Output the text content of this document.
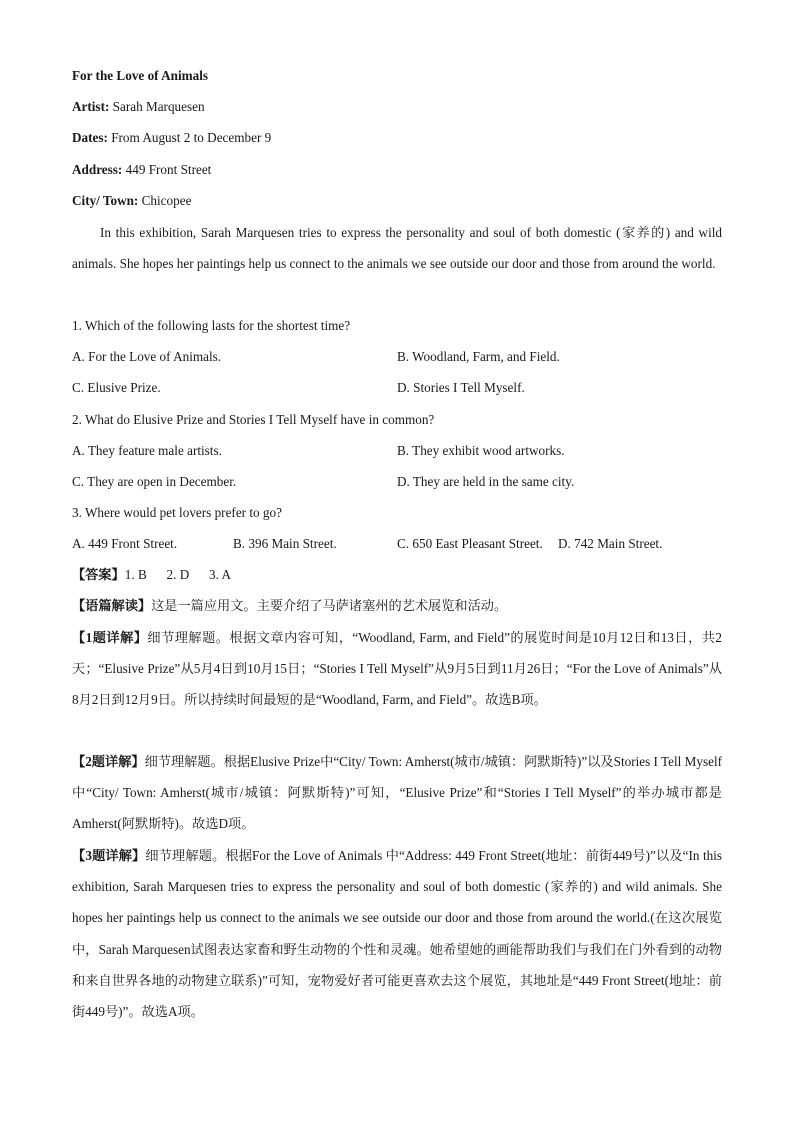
For the Love of Animals
Artist: Sarah Marquesen
Dates: From August 2 to December 9
Address: 449 Front Street
City/ Town: Chicopee
In this exhibition, Sarah Marquesen tries to express the personality and soul of both domestic (家养的) and wild animals. She hopes her paintings help us connect to the animals we see outside our door and those from around the world.
1. Which of the following lasts for the shortest time?
A. For the Love of Animals.	B. Woodland, Farm, and Field.
C. Elusive Prize.	D. Stories I Tell Myself.
2. What do Elusive Prize and Stories I Tell Myself have in common?
A. They feature male artists.	B. They exhibit wood artworks.
C. They are open in December.	D. They are held in the same city.
3. Where would pet lovers prefer to go?
A. 449 Front Street.	B. 396 Main Street.	C. 650 East Pleasant Street. D. 742 Main Street.
【答案】1. B      2. D      3. A
【语篇解读】这是一篇应用文。主要介绍了马萨诸塞州的艺术展览和活动。
【1题详解】细节理解题。根据文章内容可知，“Woodland, Farm, and Field”的展览时间是10月12日和13日，共2天；“Elusive Prize”从5月4日到10月15日；“Stories I Tell Myself”从9月5日到11月26日；“For the Love of Animals”从8月2日到12月9日。所以持续时间最短的是“Woodland, Farm, and Field”。故选B项。
【2题详解】细节理解题。根据Elusive Prize中“City/ Town: Amherst(城市/城镇：阿默斯特)”以及Stories I Tell Myself中“City/ Town: Amherst(城市/城镇：阿默斯特)”可知，“Elusive Prize”和“Stories I Tell Myself”的举办城市都是Amherst(阿默斯特)。故选D项。
【3题详解】细节理解题。根据For the Love of Animals 中“Address: 449 Front Street(地址：前街449号)”以及“In this exhibition, Sarah Marquesen tries to express the personality and soul of both domestic (家养的) and wild animals. She hopes her paintings help us connect to the animals we see outside our door and those from around the world.(在这次展览中，Sarah Marquesen试图表达家畜和野生动物的个性和灵魂。她希望她的画能帮助我们与我们在门外看到的动物和来自世界各地的动物建立联系)”可知，宠物爱好者可能更喜欢去这个展览，其地址是“449 Front Street(地址：前街449号)”。故选A项。
